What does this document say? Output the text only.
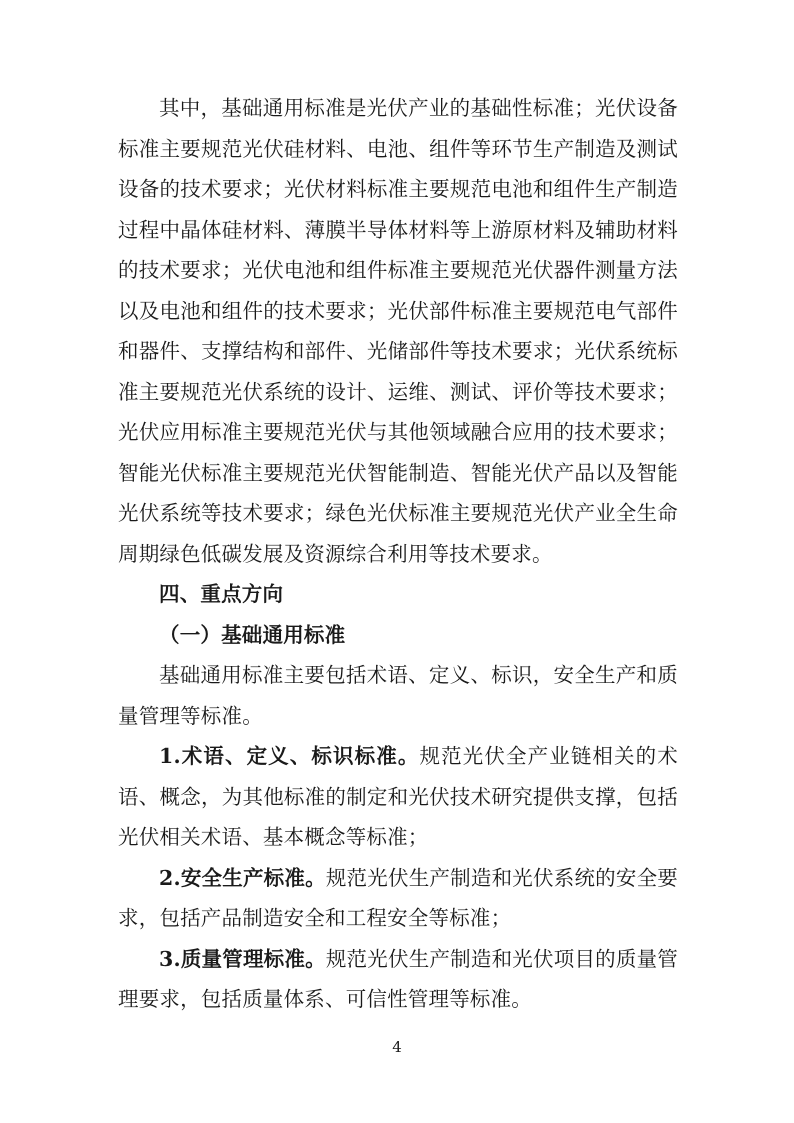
其中，基础通用标准是光伏产业的基础性标准；光伏设备标准主要规范光伏硅材料、电池、组件等环节生产制造及测试设备的技术要求；光伏材料标准主要规范电池和组件生产制造过程中晶体硅材料、薄膜半导体材料等上游原材料及辅助材料的技术要求；光伏电池和组件标准主要规范光伏器件测量方法以及电池和组件的技术要求；光伏部件标准主要规范电气部件和器件、支撑结构和部件、光储部件等技术要求；光伏系统标准主要规范光伏系统的设计、运维、测试、评价等技术要求；光伏应用标准主要规范光伏与其他领域融合应用的技术要求；智能光伏标准主要规范光伏智能制造、智能光伏产品以及智能光伏系统等技术要求；绿色光伏标准主要规范光伏产业全生命周期绿色低碳发展及资源综合利用等技术要求。

四、重点方向

（一）基础通用标准

基础通用标准主要包括术语、定义、标识，安全生产和质量管理等标准。

1.术语、定义、标识标准。规范光伏全产业链相关的术语、概念，为其他标准的制定和光伏技术研究提供支撑，包括光伏相关术语、基本概念等标准；

2.安全生产标准。规范光伏生产制造和光伏系统的安全要求，包括产品制造安全和工程安全等标准；

3.质量管理标准。规范光伏生产制造和光伏项目的质量管理要求，包括质量体系、可信性管理等标准。

4
